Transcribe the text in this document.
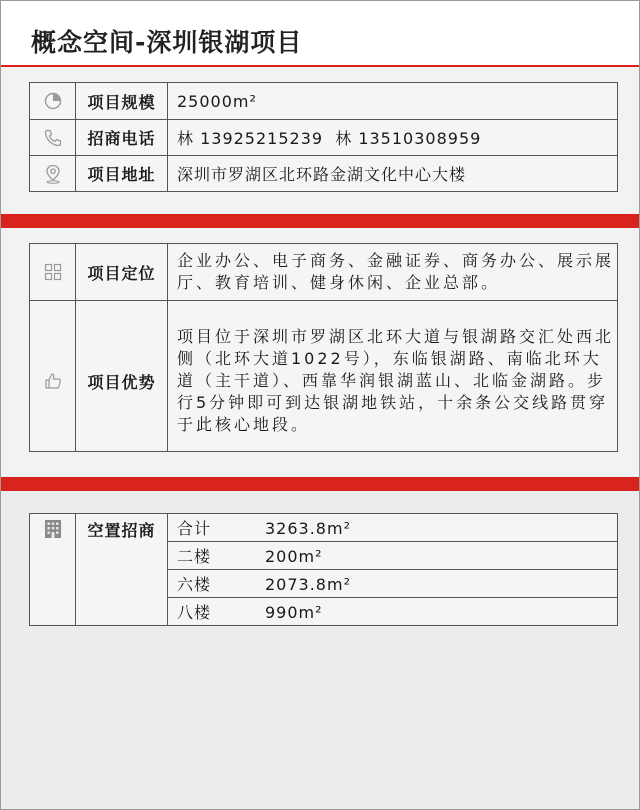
概念空间-深圳银湖项目
	项目规模	25000m²

	招商电话	林 13925215239  林 13510308959

	项目地址	深圳市罗湖区北环路金湖文化中心大楼
	项目定位	企业办公、电子商务、金融证券、商务办公、展示展厅、教育培训、健身休闲、企业总部。

	项目优势	项目位于深圳市罗湖区北环大道与银湖路交汇处西北侧（北环大道1022号），东临银湖路、南临北环大道（主干道）、西靠华润银湖蓝山、北临金湖路。步行5分钟即可到达银湖地铁站，十余条公交线路贯穿于此核心地段。
	空置招商	合计	3263.8m²
二楼	200m²
六楼	2073.8m²
八楼	990m²
